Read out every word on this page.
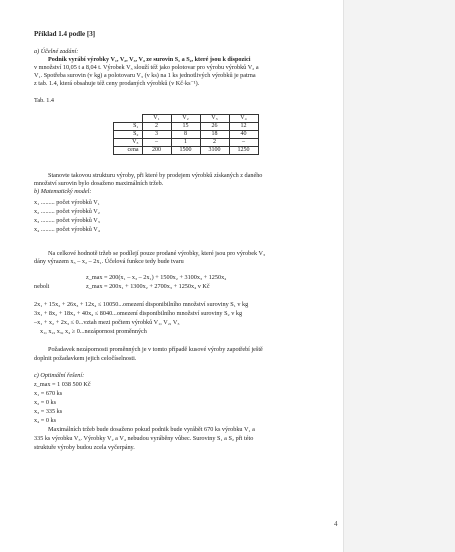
Příklad 1.4 podle [3]
a) Účelné zadání:
Podnik vyrábí výrobky V₁, V₂, V₃, V₄ ze surovin S₁ a S₂, které jsou k dispozici
v množství 10,05 t a 8,04 t. Výrobek V₃ slouží též jako polotovar pro výrobu výrobků V₂ a
V₁. Spotřeba surovin (v kg) a polotovaru V₃ (v ks) na 1 ks jednotlivých výrobků je patrna
z tab. 1.4, která obsahuje též ceny prodaných výrobků (v Kč·ks⁻¹).
Tab. 1.4
	V₁	V₂	V₃	V₄
S₁	2	15	26	12
S₂	3	8	18	40
V₃	–	1	2	–
cena	200	1500	3100	1250
Stanovte takovou strukturu výroby, při které by prodejem výrobků získaných z daného
množství surovin bylo dosaženo maximálních tržeb.
b) Matematický model:
x₁ ......... počet výrobků V₁
x₂ ......... počet výrobků V₂
x₃ ......... počet výrobků V₃
x₄ ......... počet výrobků V₄
Na celkové hodnotě tržeb se podílejí pouze prodané výrobky, které jsou pro výrobek V₃
dány výrazem x₃ – x₂ – 2x₁. Účelová funkce tedy bude tvaru
z_max = 200(x₁ – x₃ – 2x₁) + 1500x₂ + 3100x₃ + 1250x₄
neboli	z_max = 200x₁ + 1300x₂ + 2700x₃ + 1250x₄ v Kč
2x₁ + 15x₂ + 26x₃ + 12x₄ ≤ 10050...omezení disponibilního množství suroviny S₁ v kg
3x₁ + 8x₂ + 18x₃ + 40x₄ ≤ 8040...omezení disponibilního množství suroviny S₂ v kg
–x₁ + x₂ + 2x₃ ≤ 0...vztah mezi počtem výrobků V₁, V₂, V₃
x₁, x₂, x₃, x₄ ≥ 0...nezápornost proměnných
Požadavek nezápornosti proměnných je v tomto případě kusové výroby zapotřebí ještě
doplnit požadavkem jejich celočíselnosti.
c) Optimální řešení:
z_max = 1 038 500 Kč
x₁ = 670 ks
x₂ = 0 ks
x₃ = 335 ks
x₄ = 0 ks
Maximálních tržeb bude dosaženo pokud podnik bude vyrábět 670 ks výrobku V₁ a
335 ks výrobku V₃. Výrobky V₂ a V₄ nebudou vyráběny vůbec. Suroviny S₁ a S₂ při této
struktuře výroby budou zcela vyčerpány.
4
